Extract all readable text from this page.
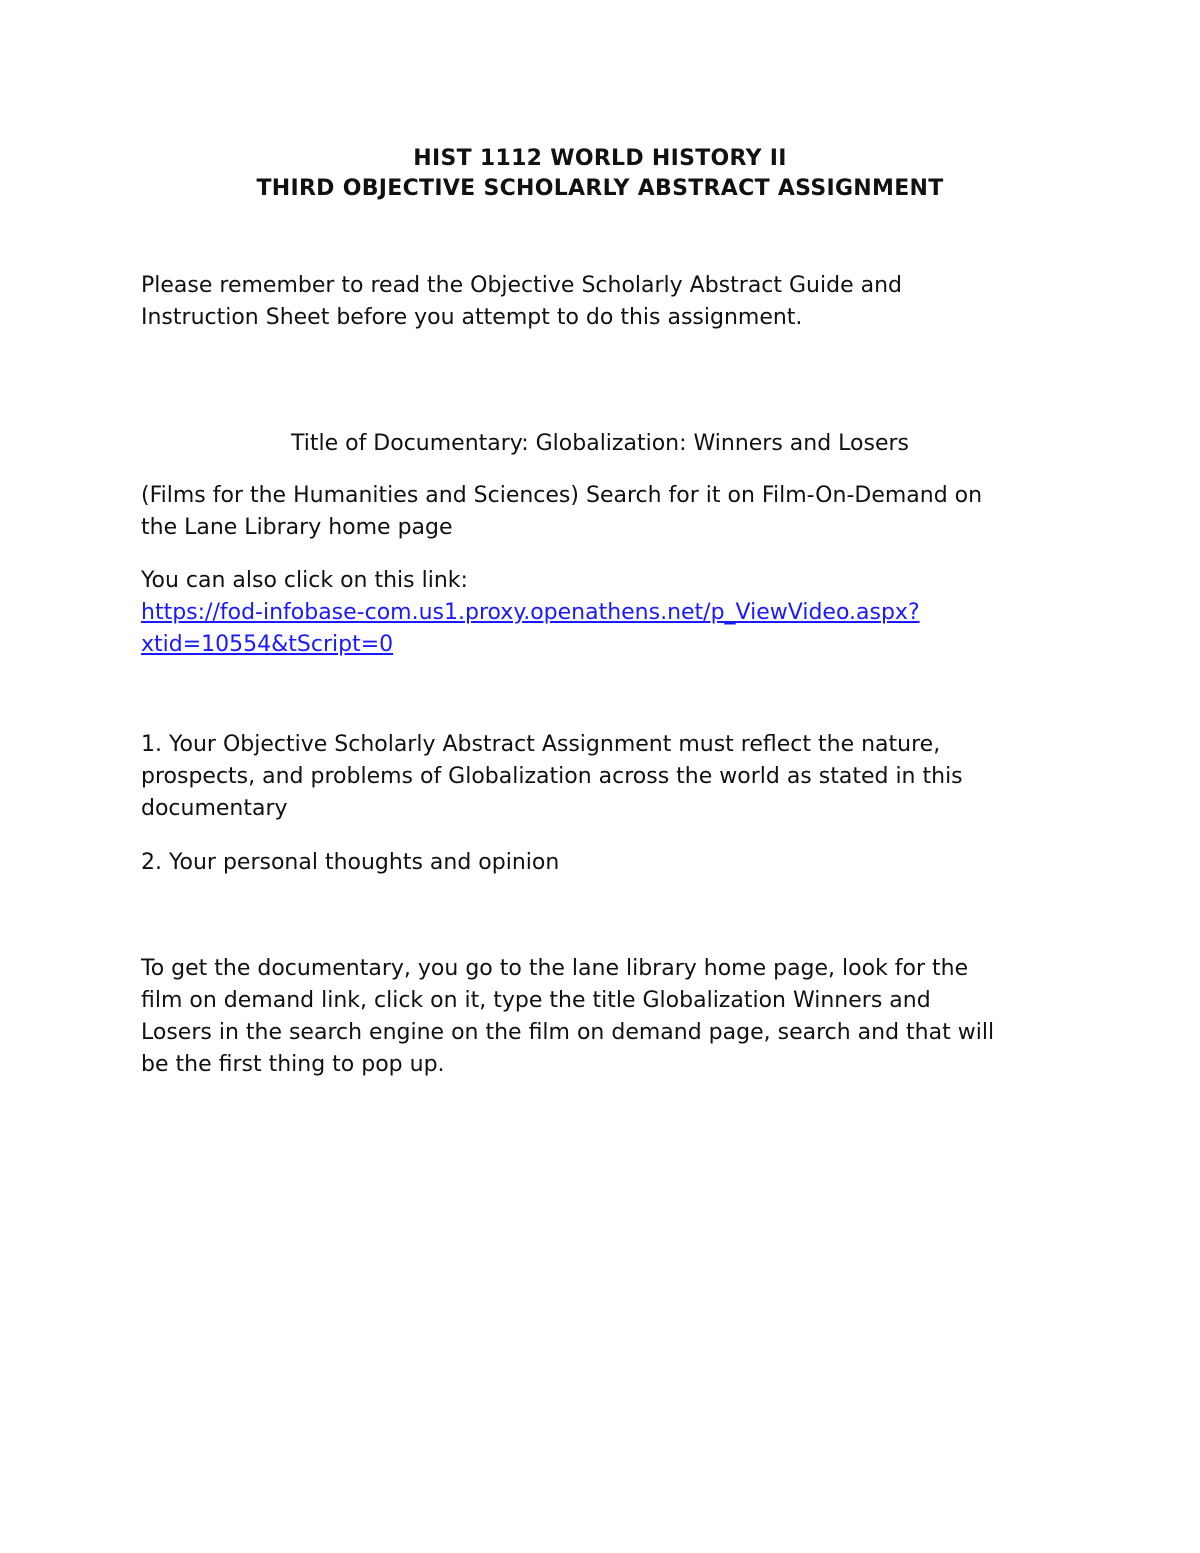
HIST 1112 WORLD HISTORY II
THIRD OBJECTIVE SCHOLARLY ABSTRACT ASSIGNMENT
Please remember to read the Objective Scholarly Abstract Guide and
Instruction Sheet before you attempt to do this assignment.
Title of Documentary: Globalization: Winners and Losers
(Films for the Humanities and Sciences) Search for it on Film-On-Demand on
the Lane Library home page
You can also click on this link:
https://fod-infobase-com.us1.proxy.openathens.net/p_ViewVideo.aspx?
xtid=10554&tScript=0
1. Your Objective Scholarly Abstract Assignment must reflect the nature,
prospects, and problems of Globalization across the world as stated in this
documentary
2. Your personal thoughts and opinion
To get the documentary, you go to the lane library home page, look for the
film on demand link, click on it, type the title Globalization Winners and
Losers in the search engine on the film on demand page, search and that will
be the first thing to pop up.
